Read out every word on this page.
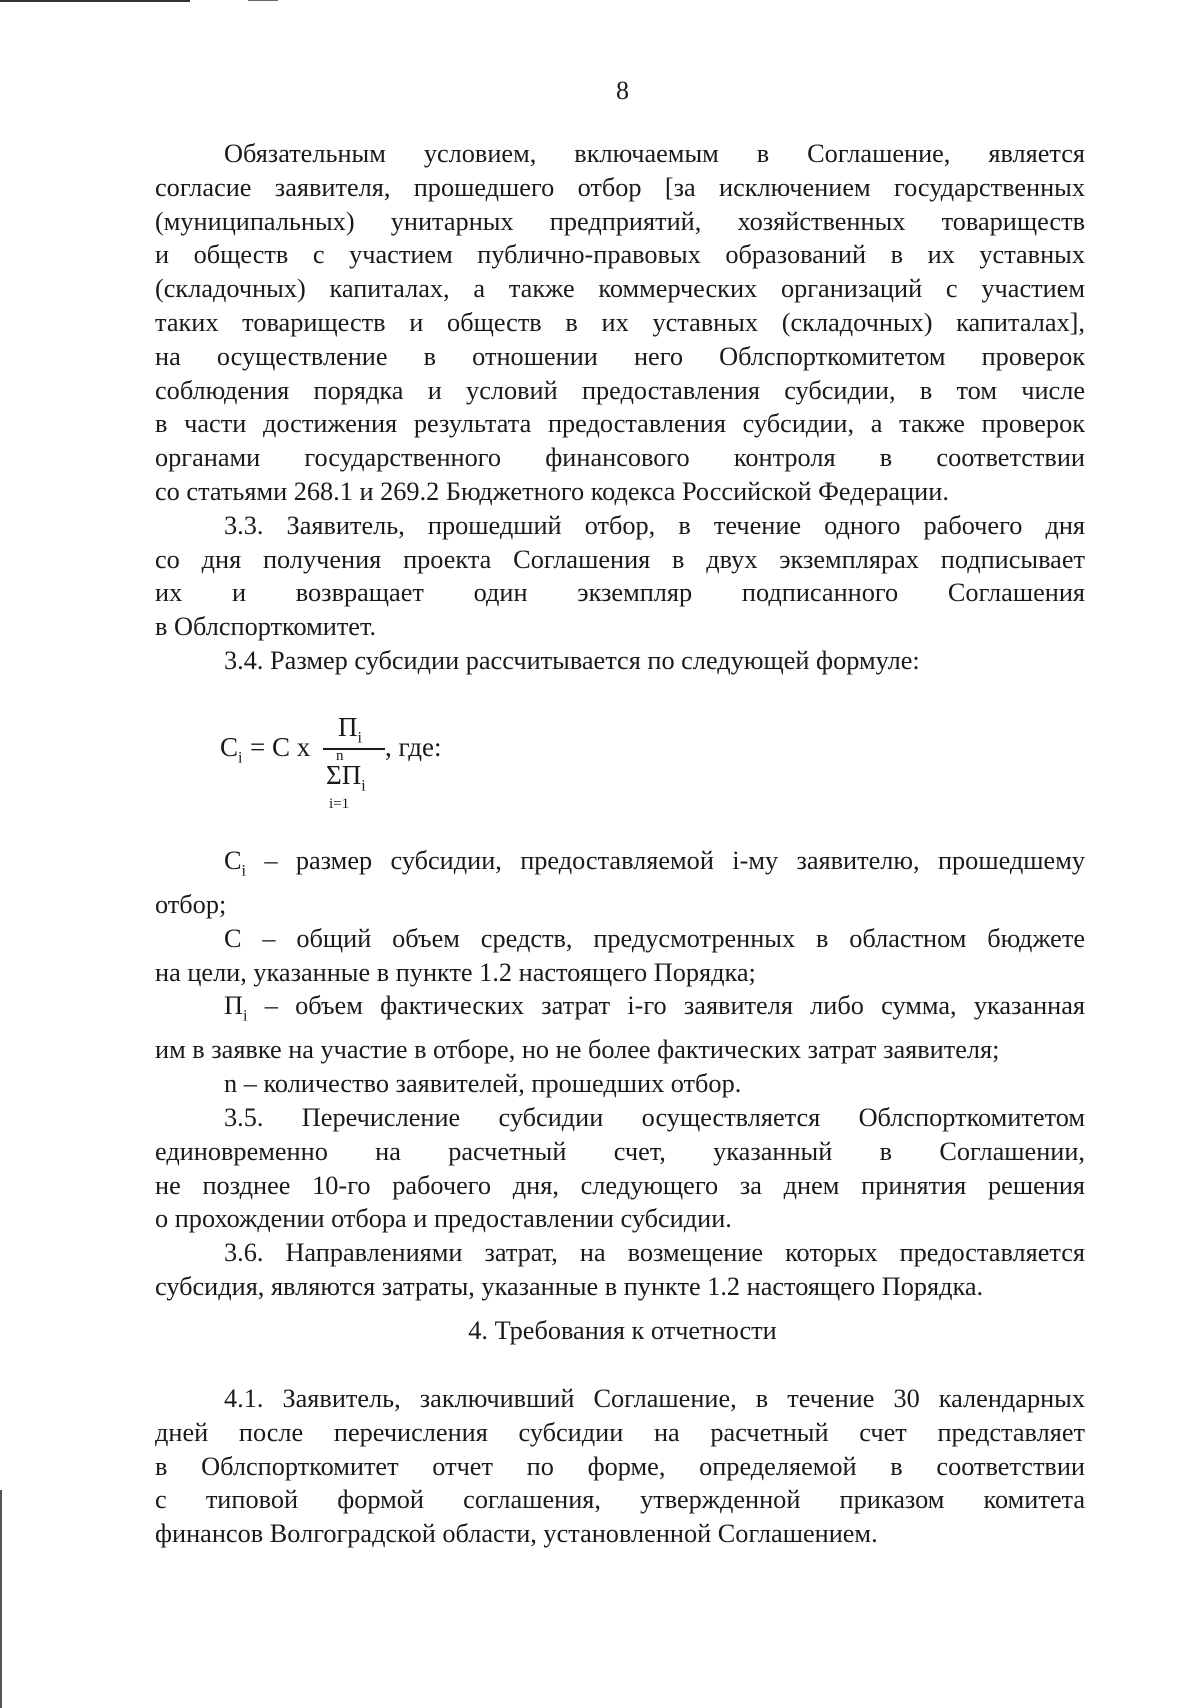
8

Обязательным условием, включаемым в Соглашение, является
согласие заявителя, прошедшего отбор [за исключением государственных
(муниципальных) унитарных предприятий, хозяйственных товариществ
и обществ с участием публично-правовых образований в их уставных
(складочных) капиталах, а также коммерческих организаций с участием
таких товариществ и обществ в их уставных (складочных) капиталах],
на осуществление в отношении него Облспорткомитетом проверок
соблюдения порядка и условий предоставления субсидии, в том числе
в части достижения результата предоставления субсидии, а также проверок
органами государственного финансового контроля в соответствии
со статьями 268.1 и 269.2 Бюджетного кодекса Российской Федерации.

3.3. Заявитель, прошедший отбор, в течение одного рабочего дня
со дня получения проекта Соглашения в двух экземплярах подписывает
их и возвращает один экземпляр подписанного Соглашения
в Облспорткомитет.

3.4. Размер субсидии рассчитывается по следующей формуле:

$C_i = C$ x
$П_i$
n
$\Sigma П_i$
i=1
, где:

$C_i$ – размер субсидии, предоставляемой i-му заявителю, прошедшему
отбор;

C – общий объем средств, предусмотренных в областном бюджете
на цели, указанные в пункте 1.2 настоящего Порядка;

$П_i$ – объем фактических затрат i-го заявителя либо сумма, указанная
им в заявке на участие в отборе, но не более фактических затрат заявителя;

n – количество заявителей, прошедших отбор.

3.5. Перечисление субсидии осуществляется Облспорткомитетом
единовременно на расчетный счет, указанный в Соглашении,
не позднее 10-го рабочего дня, следующего за днем принятия решения
о прохождении отбора и предоставлении субсидии.

3.6. Направлениями затрат, на возмещение которых предоставляется
субсидия, являются затраты, указанные в пункте 1.2 настоящего Порядка.

4. Требования к отчетности

4.1. Заявитель, заключивший Соглашение, в течение 30 календарных
дней после перечисления субсидии на расчетный счет представляет
в Облспорткомитет отчет по форме, определяемой в соответствии
с типовой формой соглашения, утвержденной приказом комитета
финансов Волгоградской области, установленной Соглашением.
